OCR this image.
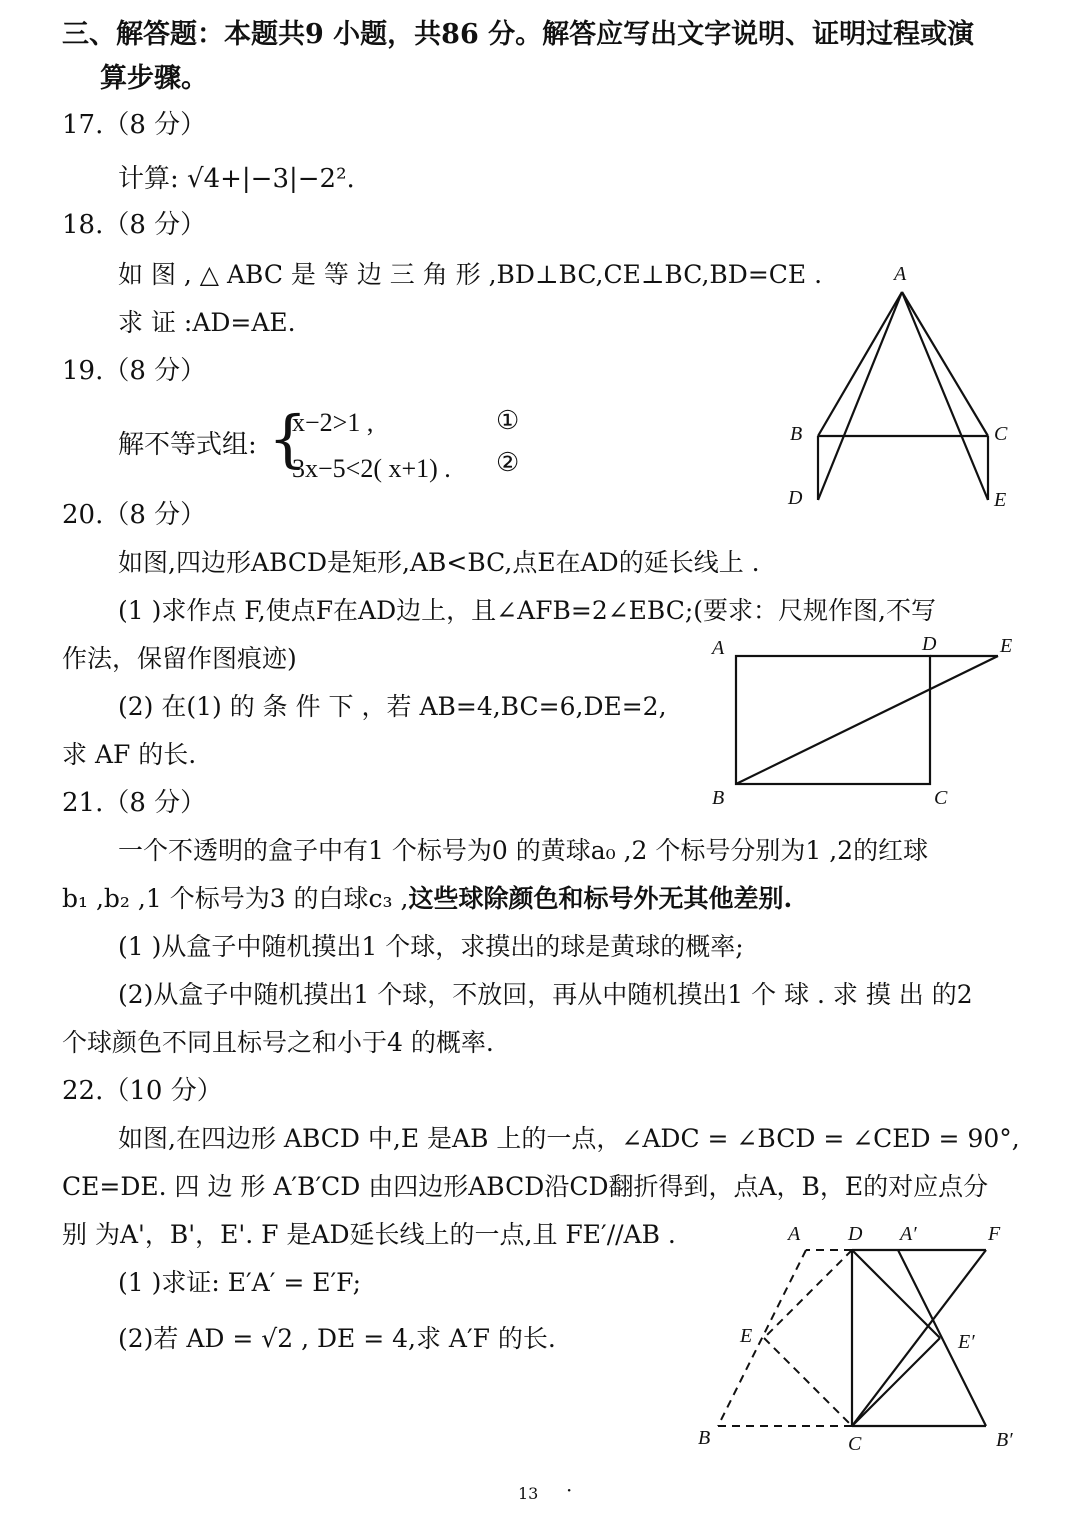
三、解答题：本题共9 小题，共86 分。解答应写出文字说明、证明过程或演
算步骤。
17.（8 分）
计算: √4+|−3|−2².
18.（8 分）
如 图 , △ ABC 是 等 边 三 角 形 ,BD⊥BC,CE⊥BC,BD=CE .
求 证 :AD=AE.
A
B	C
D	E
19.（8 分）
解不等式组: {
x−2>1 ,
3x−5<2( x+1) .
①
②
20.（8 分）
如图,四边形ABCD是矩形,AB<BC,点E在AD的延长线上 .
(1 )求作点 F,使点F在AD边上，且∠AFB=2∠EBC;(要求：尺规作图,不写
作法，保留作图痕迹)
(2) 在(1) 的 条 件 下 ，若 AB=4,BC=6,DE=2,
求 AF 的长.
A	D	E
B	C
21.（8 分）
一个不透明的盒子中有1 个标号为0 的黄球a₀ ,2 个标号分别为1 ,2的红球
b₁ ,b₂ ,1 个标号为3 的白球c₃ ,这些球除颜色和标号外无其他差别.
(1 )从盒子中随机摸出1 个球，求摸出的球是黄球的概率;
(2)从盒子中随机摸出1 个球，不放回，再从中随机摸出1 个 球 . 求 摸 出 的2
个球颜色不同且标号之和小于4 的概率.
22.（10 分）
如图,在四边形 ABCD 中,E 是AB 上的一点，∠ADC = ∠BCD = ∠CED = 90°,
CE=DE. 四 边 形 A′B′CD 由四边形ABCD沿CD翻折得到，点A，B，E的对应点分
别 为A'，B'，E'. F 是AD延长线上的一点,且 FE′//AB .
(1 )求证: E′A′ = E′F;
(2)若 AD = √2 , DE = 4,求 A′F 的长.
A D A′	F
E	E′
B	C	B′
13 ·
